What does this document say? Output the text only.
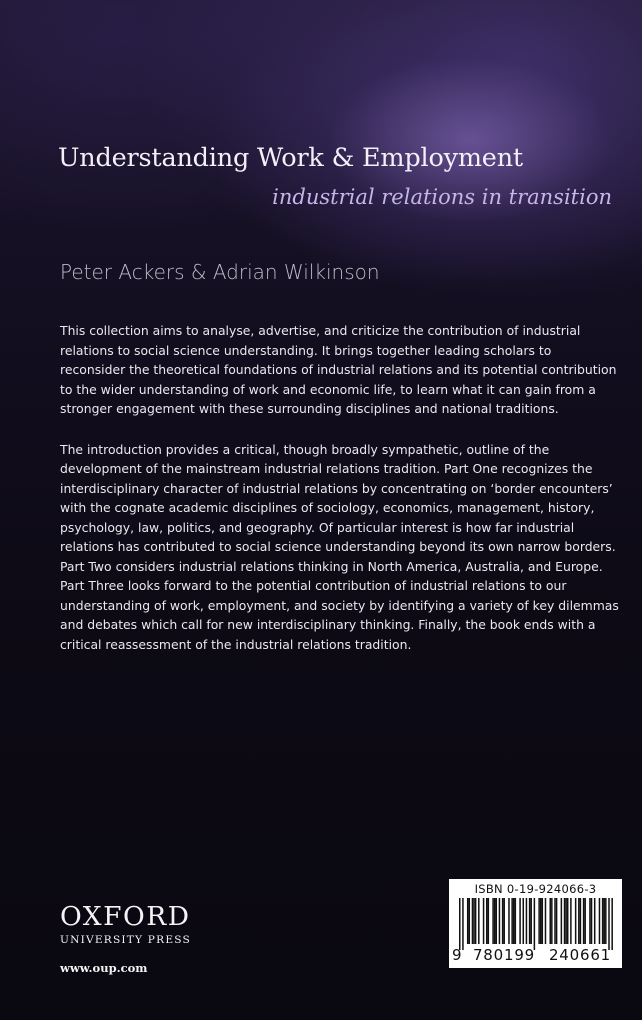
Understanding Work & Employment
industrial relations in transition
Peter Ackers & Adrian Wilkinson

This collection aims to analyse, advertise, and criticize the contribution of industrial relations to social science understanding. It brings together leading scholars to reconsider the theoretical foundations of industrial relations and its potential contribution to the wider understanding of work and economic life, to learn what it can gain from a stronger engagement with these surrounding disciplines and national traditions.

The introduction provides a critical, though broadly sympathetic, outline of the development of the mainstream industrial relations tradition. Part One recognizes the interdisciplinary character of industrial relations by concentrating on ‘border encounters’ with the cognate academic disciplines of sociology, economics, management, history, psychology, law, politics, and geography. Of particular interest is how far industrial relations has contributed to social science understanding beyond its own narrow borders. Part Two considers industrial relations thinking in North America, Australia, and Europe. Part Three looks forward to the potential contribution of industrial relations to our understanding of work, employment, and society by identifying a variety of key dilemmas and debates which call for new interdisciplinary thinking. Finally, the book ends with a critical reassessment of the industrial relations tradition.

OXFORD
UNIVERSITY PRESS
www.oup.com
ISBN 0-19-924066-3
9 780199 240661
